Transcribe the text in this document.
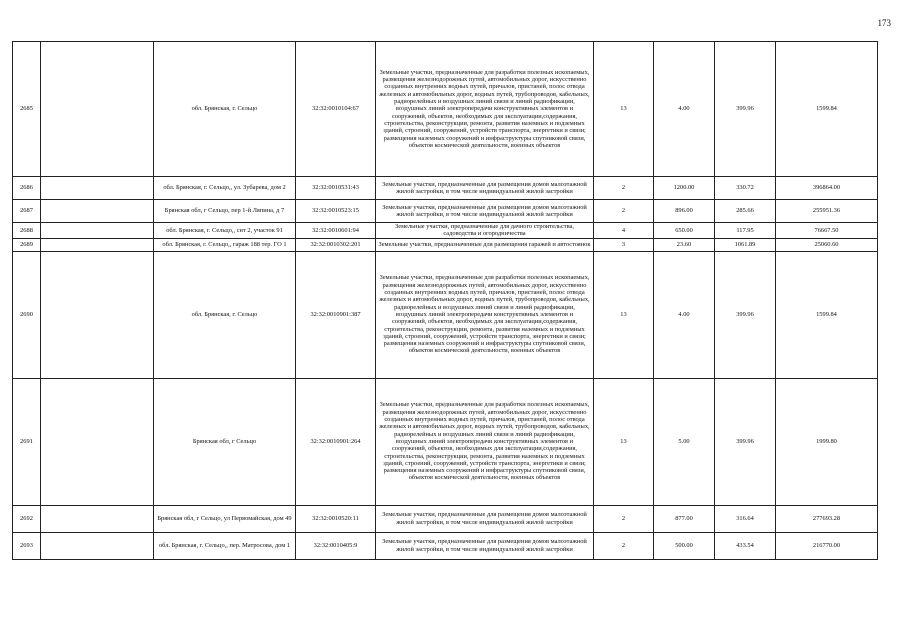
173
2685		обл. Брянская, г. Сельцо	32:32:0010104:67	Земельные участки, предназначенные для разработки полезных ископаемых, размещения железнодорожных путей, автомобильных дорог, искусственно созданных внутренних водных путей, причалов, пристаней, полос отвода железных и автомобильных дорог, водных путей, трубопроводов, кабельных, радиорелейных и воздушных линий связи и линий радиофикации, воздушных линий электропередачи конструктивных элементов и сооружений, объектов, необходимых для эксплуатации,содержания, строительства, реконструкции, ремонта, развития наземных и подземных зданий, строений, сооружений, устройств транспорта, энергетики и связи; размещения наземных сооружений и инфраструктуры спутниковой связи, объектов космической деятельности, военных объектов	13	4.00	399.96	1599.84
2686		обл. Брянская, г. Сельцо,, ул. Зубарева, дом 2	32:32:0010531:43	Земельные участки, предназначенные для размещения домов малоэтажной жилой застройки, в том числе индивидуальной жилой застройки	2	1200.00	330.72	396864.00
2687		Брянская обл, г Сельцо, пер 1-й Ляпина, д 7	32:32:0010523:15	Земельные участки, предназначенные для размещения домов малоэтажной жилой застройки, в том числе индивидуальной жилой застройки	2	896.00	285.66	255951.36
2688		обл. Брянская, г. Сельцо,, снт 2, участок 91	32:32:0010601:94	Земельные участки, предназначенные для дачного строительства, садоводства и огородничества	4	650.00	117.95	76667.50
2689		обл. Брянская, г. Сельцо,, гараж 188 тер. ГО 1	32:32:0010302:201	Земельные участки, предназначенные для размещения гаражей и автостоянок	3	23.60	1061.89	25060.60
2690		обл. Брянская, г. Сельцо	32:32:0010901:387	Земельные участки, предназначенные для разработки полезных ископаемых, размещения железнодорожных путей, автомобильных дорог, искусственно созданных внутренних водных путей, причалов, пристаней, полос отвода железных и автомобильных дорог, водных путей, трубопроводов, кабельных, радиорелейных и воздушных линий связи и линий радиофикации, воздушных линий электропередачи конструктивных элементов и сооружений, объектов, необходимых для эксплуатации,содержания, строительства, реконструкции, ремонта, развития наземных и подземных зданий, строений, сооружений, устройств транспорта, энергетики и связи; размещения наземных сооружений и инфраструктуры спутниковой связи, объектов космической деятельности, военных объектов	13	4.00	399.96	1599.84
2691		Брянская обл, г Сельцо	32:32:0010901:264	Земельные участки, предназначенные для разработки полезных ископаемых, размещения железнодорожных путей, автомобильных дорог, искусственно созданных внутренних водных путей, причалов, пристаней, полос отвода железных и автомобильных дорог, водных путей, трубопроводов, кабельных, радиорелейных и воздушных линий связи и линий радиофикации, воздушных линий электропередачи конструктивных элементов и сооружений, объектов, необходимых для эксплуатации,содержания, строительства, реконструкции, ремонта, развития наземных и подземных зданий, строений, сооружений, устройств транспорта, энергетики и связи; размещения наземных сооружений и инфраструктуры спутниковой связи, объектов космической деятельности, военных объектов	13	5.00	399.96	1999.80
2692		Брянская обл, г Сельцо, ул Первомайская, дом 49	32:32:0010520:11	Земельные участки, предназначенные для размещения домов малоэтажной жилой застройки, в том числе индивидуальной жилой застройки	2	877.00	316.64	277693.28
2693		обл. Брянская, г. Сельцо,, пер. Матросова, дом 1	32:32:0010405:9	Земельные участки, предназначенные для размещения домов малоэтажной жилой застройки, в том числе индивидуальной жилой застройки	2	500.00	433.54	216770.00
